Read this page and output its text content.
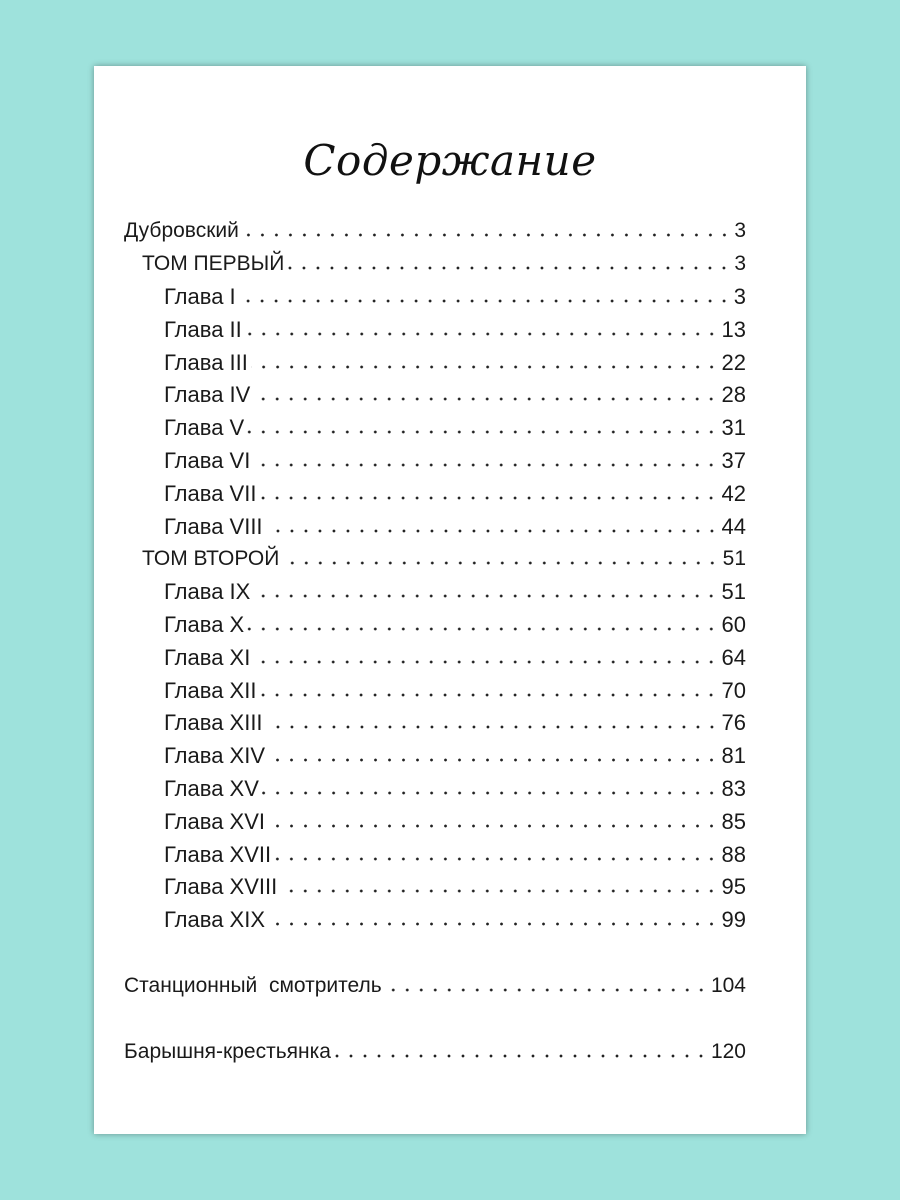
Содержание
Дубровский	3
ТОМ ПЕРВЫЙ	3
Глава I	3
Глава II	13
Глава III	22
Глава IV	28
Глава V	31
Глава VI	37
Глава VII	42
Глава VIII	44
ТОМ ВТОРОЙ	51
Глава IX	51
Глава X	60
Глава XI	64
Глава XII	70
Глава XIII	76
Глава XIV	81
Глава XV	83
Глава XVI	85
Глава XVII	88
Глава XVIII	95
Глава XIX	99
Станционный  смотритель	104
Барышня-крестьянка	120
